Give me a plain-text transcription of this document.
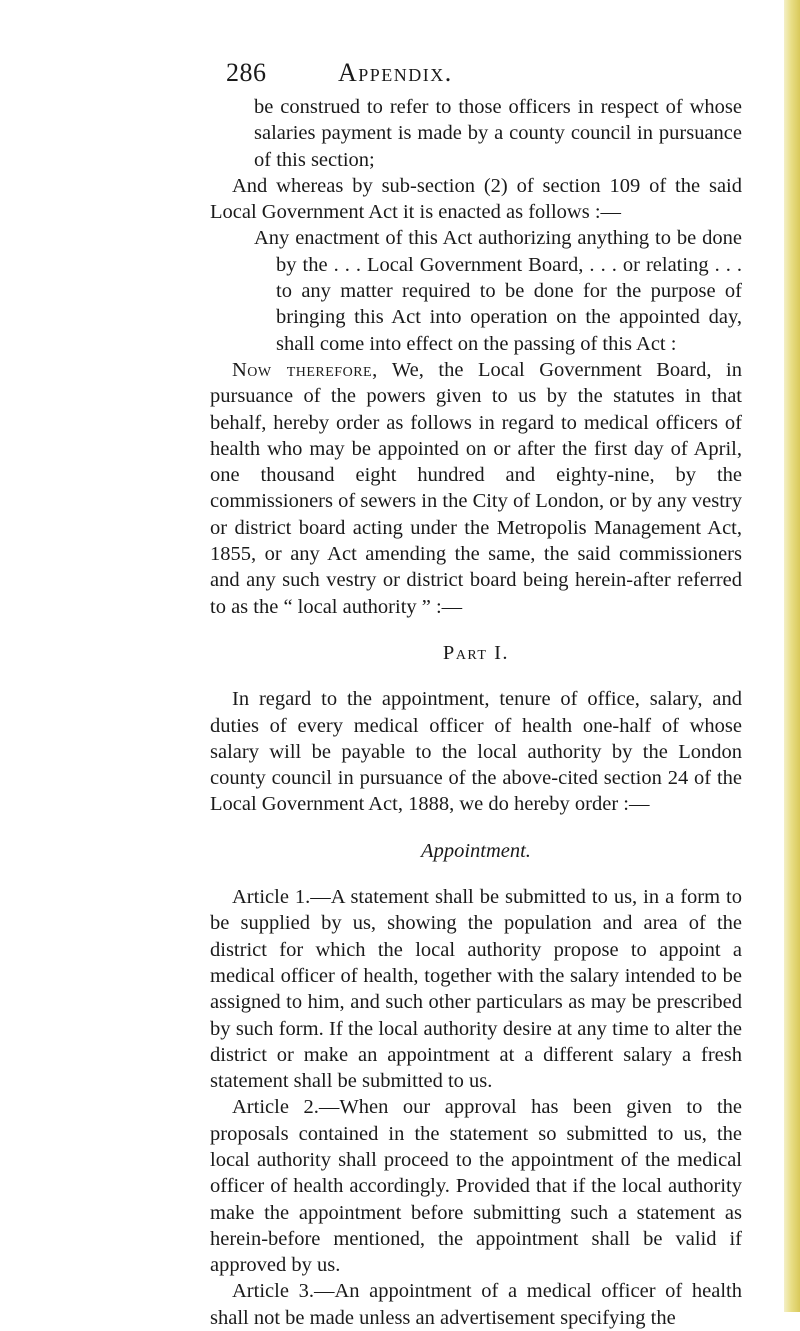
286	Appendix.

be construed to refer to those officers in respect of whose salaries payment is made by a county council in pursuance of this section;

And whereas by sub-section (2) of section 109 of the said Local Government Act it is enacted as follows :—

Any enactment of this Act authorizing anything to be done by the . . . Local Government Board, . . . or relating . . . to any matter required to be done for the purpose of bringing this Act into operation on the appointed day, shall come into effect on the passing of this Act :

Now therefore, We, the Local Government Board, in pursuance of the powers given to us by the statutes in that behalf, hereby order as follows in regard to medical officers of health who may be appointed on or after the first day of April, one thousand eight hundred and eighty-nine, by the commissioners of sewers in the City of London, or by any vestry or district board acting under the Metropolis Management Act, 1855, or any Act amending the same, the said commissioners and any such vestry or district board being herein-after referred to as the “ local authority ” :—

Part I.

In regard to the appointment, tenure of office, salary, and duties of every medical officer of health one-half of whose salary will be payable to the local authority by the London county council in pursuance of the above-cited section 24 of the Local Government Act, 1888, we do hereby order :—

Appointment.

Article 1.—A statement shall be submitted to us, in a form to be supplied by us, showing the population and area of the district for which the local authority propose to appoint a medical officer of health, together with the salary intended to be assigned to him, and such other particulars as may be prescribed by such form. If the local authority desire at any time to alter the district or make an appointment at a different salary a fresh statement shall be submitted to us.

Article 2.—When our approval has been given to the proposals contained in the statement so submitted to us, the local authority shall proceed to the appointment of the medical officer of health accordingly. Provided that if the local authority make the appointment before submitting such a statement as herein-before mentioned, the appointment shall be valid if approved by us.

Article 3.—An appointment of a medical officer of health shall not be made unless an advertisement specifying the
